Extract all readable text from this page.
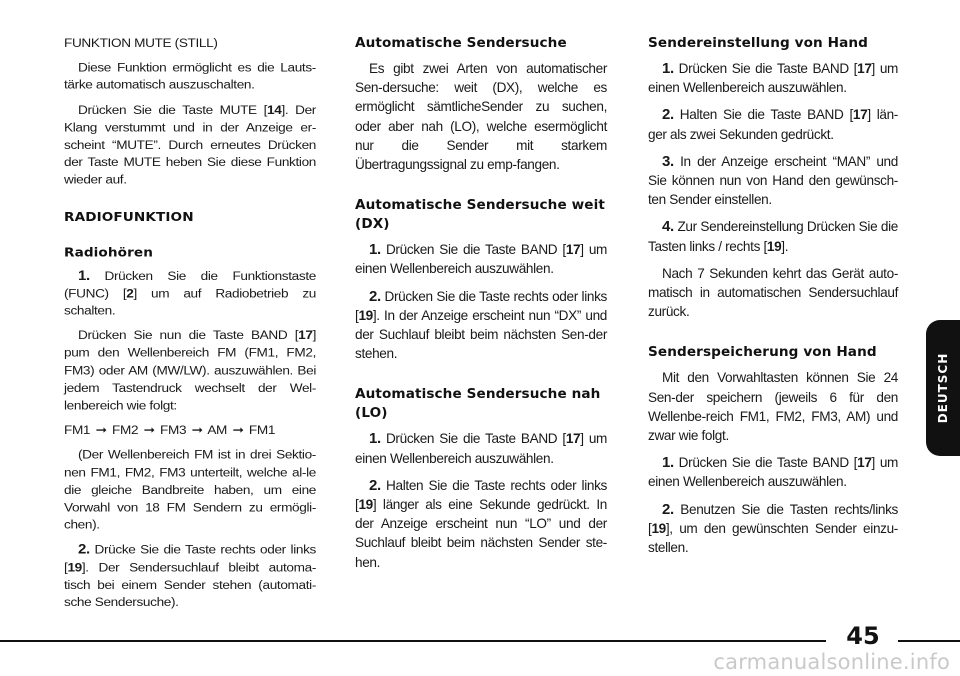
FUNKTION MUTE (STILL)

Diese Funktion ermöglicht es die Lauts-tärke automatisch auszuschalten.

Drücken Sie die Taste MUTE [14]. Der Klang verstummt und in der Anzeige er-scheint “MUTE”. Durch erneutes Drücken der Taste MUTE heben Sie diese Funktion wieder auf.

RADIOFUNKTION
Radiohören

1. Drücken Sie die Funktionstaste (FUNC) [2] um auf Radiobetrieb zu schalten.

Drücken Sie nun die Taste BAND [17] pum den Wellenbereich FM (FM1, FM2, FM3) oder AM (MW/LW). auszuwählen. Bei jedem Tastendruck wechselt der Wel-lenbereich wie folgt:

FM1 ➞ FM2 ➞ FM3 ➞ AM ➞ FM1

(Der Wellenbereich FM ist in drei Sektio-nen FM1, FM2, FM3 unterteilt, welche al-le die gleiche Bandbreite haben, um eine Vorwahl von 18 FM Sendern zu ermögli-chen).

2. Drücke Sie die Taste rechts oder links [19]. Der Sendersuchlauf bleibt automa-tisch bei einem Sender stehen (automati-sche Sendersuche).

Automatische Sendersuche

Es gibt zwei Arten von automatischer Sen-dersuche: weit (DX), welche es ermöglicht sämtlicheSender zu suchen, oder aber nah (LO), welche esermöglicht nur die Sender mit starkem Übertragungssignal zu emp-fangen.

Automatische Sendersuche weit (DX)

1. Drücken Sie die Taste BAND [17] um einen Wellenbereich auszuwählen.

2. Drücken Sie die Taste rechts oder links [19]. In der Anzeige erscheint nun “DX” und der Suchlauf bleibt beim nächsten Sen-der stehen.

Automatische Sendersuche nah (LO)

1. Drücken Sie die Taste BAND [17] um einen Wellenbereich auszuwählen.

2. Halten Sie die Taste rechts oder links [19] länger als eine Sekunde gedrückt. In der Anzeige erscheint nun “LO” und der Suchlauf bleibt beim nächsten Sender ste-hen.

Sendereinstellung von Hand

1. Drücken Sie die Taste BAND [17] um einen Wellenbereich auszuwählen.

2. Halten Sie die Taste BAND [17] län-ger als zwei Sekunden gedrückt.

3. In der Anzeige erscheint “MAN” und Sie können nun von Hand den gewünsch-ten Sender einstellen.

4. Zur Sendereinstellung Drücken Sie die Tasten links / rechts [19].

Nach 7 Sekunden kehrt das Gerät auto-matisch in automatischen Sendersuchlauf zurück.

Senderspeicherung von Hand

Mit den Vorwahltasten können Sie 24 Sen-der speichern (jeweils 6 für den Wellenbe-reich FM1, FM2, FM3, AM) und zwar wie folgt.

1. Drücken Sie die Taste BAND [17] um einen Wellenbereich auszuwählen.

2. Benutzen Sie die Tasten rechts/links [19], um den gewünschten Sender einzu-stellen.

DEUTSCH
45
carmanualsonline.info
